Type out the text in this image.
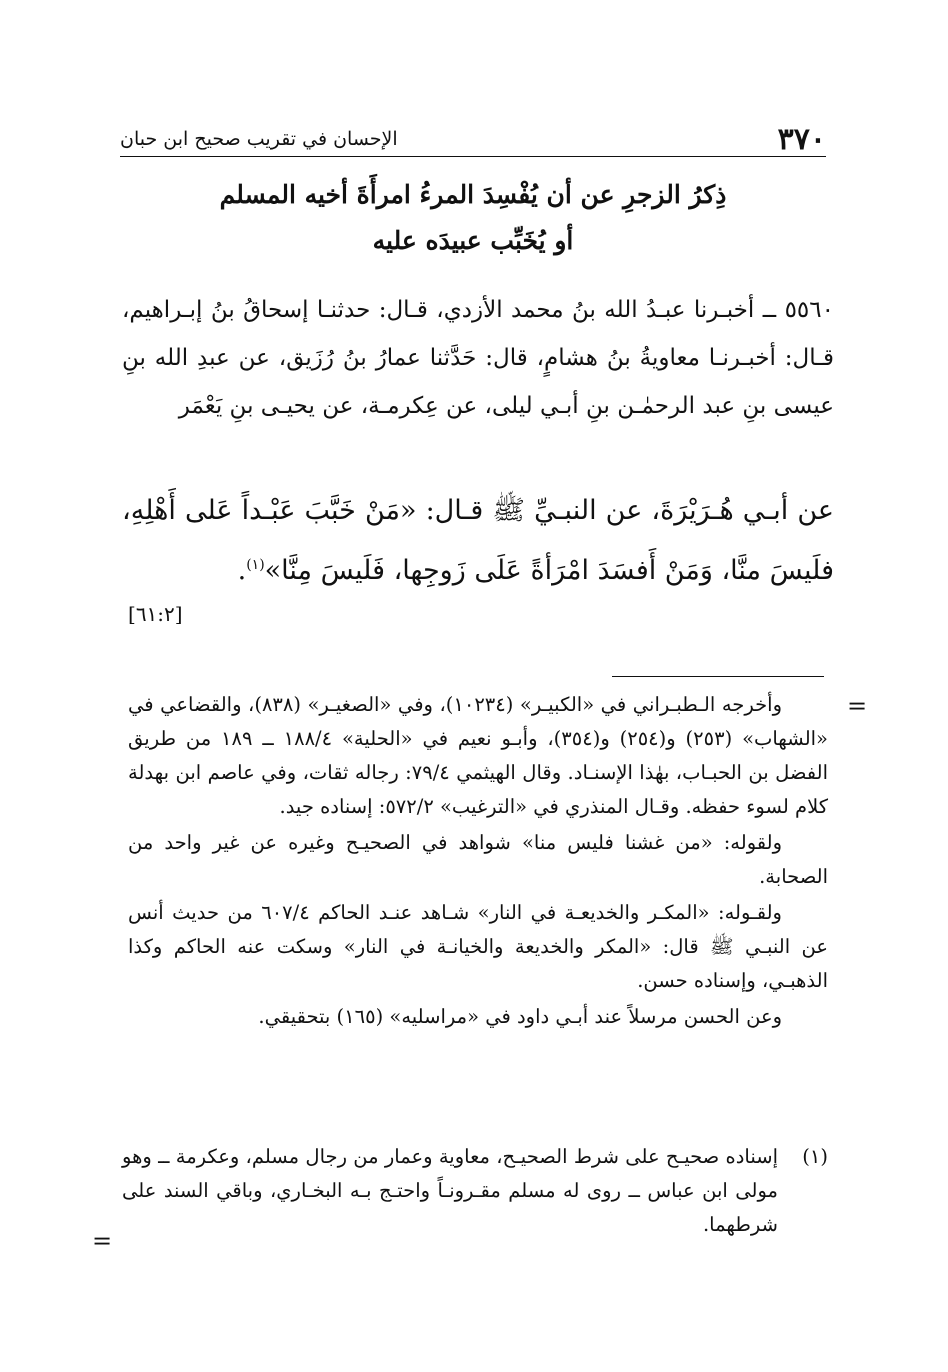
٣٧٠
الإحسان في تقريب صحيح ابن حبان
ذِكرُ الزجرِ عن أن يُفْسِدَ المرءُ امرأَةَ أخيه المسلم
أو يُخَبِّب عبيدَه عليه

٥٥٦٠ ــ أخبـرنا عبـدُ الله بنُ محمد الأزدي، قـال: حدثنـا إسحاقُ بنُ إبـراهيم، قـال: أخبـرنـا معاويةُ بنُ هشامٍ، قال: حَدَّثنا عمارُ بنُ رُزَيق، عن عبدِ الله بنِ عيسى بنِ عبد الرحمٰـن بنِ أبـي ليلى، عن عِكرمـة، عن يحيـى بنِ يَعْمَر

عن أبـي هُـرَيْرَةَ، عن النبـيِّ ﷺ قـال: «مَنْ خَبَّبَ عَبْـداً عَلى أَهْلِهِ، فلَيسَ منَّا، وَمَنْ أَفسَدَ امْرَأةً عَلَى زَوجِها، فَلَيسَ مِنَّا»$^{(١)}$.

[٦١:٢]
=

وأخرجه الـطبـراني في «الكبيـر» (١٠٢٣٤)، وفي «الصغيـر» (٨٣٨)، والقضاعي في «الشهاب» (٢٥٣) و(٢٥٤) و(٣٥٤)، وأبـو نعيم في «الحلية» ١٨٨/٤ ــ ١٨٩ من طريق الفضل بن الحبـاب، بهٰذا الإسنـاد. وقال الهيثمي ٧٩/٤: رجاله ثقات، وفي عاصم ابن بهدلة كلام لسوء حفظه. وقـال المنذري في «الترغيب» ٥٧٢/٢: إسناده جيد.

ولقوله: «من غشنا فليس منا» شواهد في الصحيـح وغيره عن غير واحد من الصحابة.

ولقـوله: «المكـر والخديعـة في النار» شـاهد عنـد الحاكم ٦٠٧/٤ من حديث أنس عن النبـي ﷺ قال: «المكر والخديعة والخيانـة في النار» وسكت عنه الحاكم وكذا الذهبـي، وإسناده حسن.

وعن الحسن مرسلاً عند أبـي داود في «مراسليه» (١٦٥) بتحقيقي.

(١)

إسناده صحيـح على شرط الصحيـح، معاوية وعمار من رجال مسلم، وعكرمة ــ وهو مولى ابن عباس ــ روى له مسلم مقـرونـاً واحتـج بـه البخـاري، وباقي السند على شرطهما.

=
